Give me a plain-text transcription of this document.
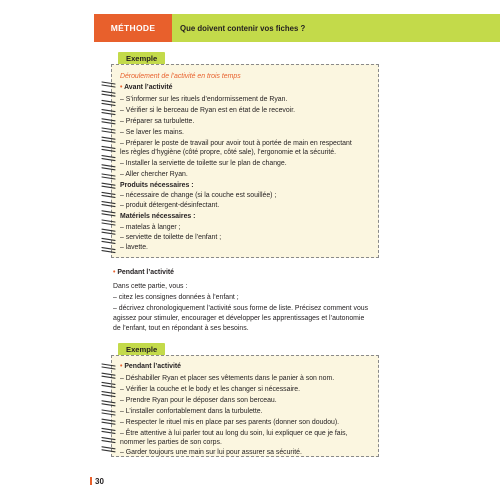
MÉTHODE	Que doivent contenir vos fiches ?
Exemple
Déroulement de l’activité en trois temps
• Avant l’activité
– S’informer sur les rituels d’endormissement de Ryan.
– Vérifier si le berceau de Ryan est en état de le recevoir.
– Préparer sa turbulette.
– Se laver les mains.
– Préparer le poste de travail pour avoir tout à portée de main en respectant
les règles d’hygiène (côté propre, côté sale), l’ergonomie et la sécurité.
– Installer la serviette de toilette sur le plan de change.
– Aller chercher Ryan.
Produits nécessaires :
– nécessaire de change (si la couche est souillée) ;
– produit détergent-désinfectant.
Matériels nécessaires :
– matelas à langer ;
– serviette de toilette de l’enfant ;
– lavette.
• Pendant l’activité
Dans cette partie, vous :
– citez les consignes données à l’enfant ;
– décrivez chronologiquement l’activité sous forme de liste. Précisez comment vous
agissez pour stimuler, encourager et développer les apprentissages et l’autonomie
de l’enfant, tout en répondant à ses besoins.
Exemple
• Pendant l’activité
– Déshabiller Ryan et placer ses vêtements dans le panier à son nom.
– Vérifier la couche et le body et les changer si nécessaire.
– Prendre Ryan pour le déposer dans son berceau.
– L’installer confortablement dans la turbulette.
– Respecter le rituel mis en place par ses parents (donner son doudou).
– Être attentive à lui parler tout au long du soin, lui expliquer ce que je fais,
nommer les parties de son corps.
– Garder toujours une main sur lui pour assurer sa sécurité.
30
